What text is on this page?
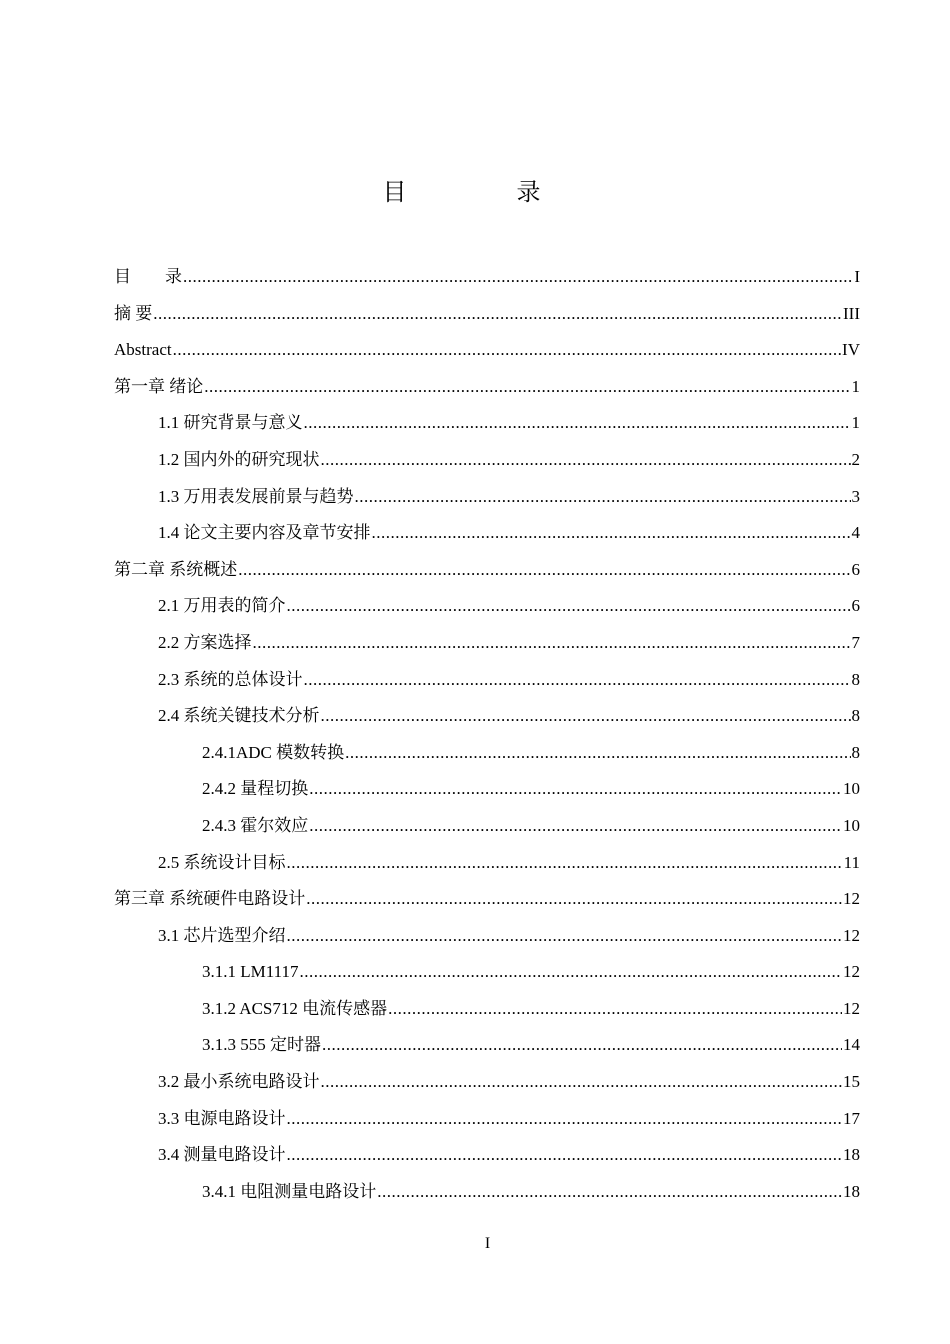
目 录
目　　录 .....	I
摘 要 .....	III
Abstract .....	IV
第一章 绪论 .....	1
1.1 研究背景与意义 .....	1
1.2 国内外的研究现状 .....	2
1.3 万用表发展前景与趋势 .....	3
1.4 论文主要内容及章节安排 .....	4
第二章 系统概述 .....	6
2.1 万用表的简介 .....	6
2.2 方案选择 .....	7
2.3 系统的总体设计 .....	8
2.4 系统关键技术分析 .....	8
2.4.1ADC 模数转换 .....	8
2.4.2 量程切换 .....	10
2.4.3 霍尔效应 .....	10
2.5 系统设计目标 .....	11
第三章 系统硬件电路设计 .....	12
3.1 芯片选型介绍 .....	12
3.1.1 LM1117 .....	12
3.1.2 ACS712 电流传感器 .....	12
3.1.3 555 定时器 .....	14
3.2 最小系统电路设计 .....	15
3.3 电源电路设计 .....	17
3.4 测量电路设计 .....	18
3.4.1 电阻测量电路设计 .....	18
I
